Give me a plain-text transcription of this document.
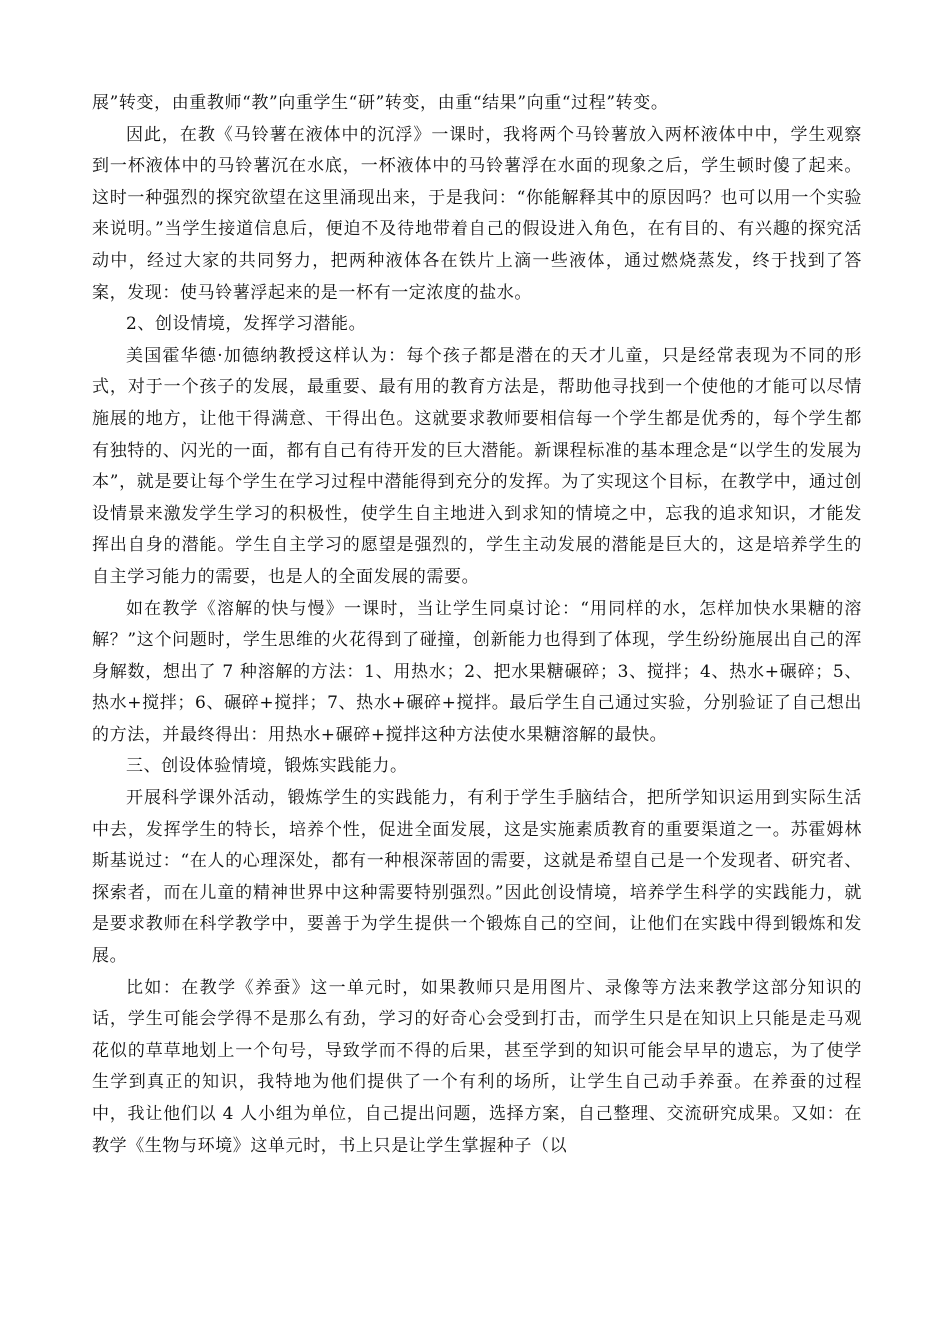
展”转变，由重教师“教”向重学生“研”转变，由重“结果”向重“过程”转变。

因此，在教《马铃薯在液体中的沉浮》一课时，我将两个马铃薯放入两杯液体中中，学生观察到一杯液体中的马铃薯沉在水底，一杯液体中的马铃薯浮在水面的现象之后，学生顿时傻了起来。这时一种强烈的探究欲望在这里涌现出来，于是我问：“你能解释其中的原因吗？也可以用一个实验来说明。”当学生接道信息后，便迫不及待地带着自己的假设进入角色，在有目的、有兴趣的探究活动中，经过大家的共同努力，把两种液体各在铁片上滴一些液体，通过燃烧蒸发，终于找到了答案，发现：使马铃薯浮起来的是一杯有一定浓度的盐水。

2、创设情境，发挥学习潜能。

美国霍华德·加德纳教授这样认为：每个孩子都是潜在的天才儿童，只是经常表现为不同的形式，对于一个孩子的发展，最重要、最有用的教育方法是，帮助他寻找到一个使他的才能可以尽情施展的地方，让他干得满意、干得出色。这就要求教师要相信每一个学生都是优秀的，每个学生都有独特的、闪光的一面，都有自己有待开发的巨大潜能。新课程标准的基本理念是“以学生的发展为本”，就是要让每个学生在学习过程中潜能得到充分的发挥。为了实现这个目标，在教学中，通过创设情景来激发学生学习的积极性，使学生自主地进入到求知的情境之中，忘我的追求知识，才能发挥出自身的潜能。学生自主学习的愿望是强烈的，学生主动发展的潜能是巨大的，这是培养学生的自主学习能力的需要，也是人的全面发展的需要。

如在教学《溶解的快与慢》一课时，当让学生同桌讨论：“用同样的水，怎样加快水果糖的溶解？”这个问题时，学生思维的火花得到了碰撞，创新能力也得到了体现，学生纷纷施展出自己的浑身解数，想出了 7 种溶解的方法：1、用热水；2、把水果糖碾碎；3、搅拌；4、热水+碾碎；5、热水+搅拌；6、碾碎+搅拌；7、热水+碾碎+搅拌。最后学生自己通过实验，分别验证了自己想出的方法，并最终得出：用热水+碾碎+搅拌这种方法使水果糖溶解的最快。

三、创设体验情境，锻炼实践能力。

开展科学课外活动，锻炼学生的实践能力，有利于学生手脑结合，把所学知识运用到实际生活中去，发挥学生的特长，培养个性，促进全面发展，这是实施素质教育的重要渠道之一。苏霍姆林斯基说过：“在人的心理深处，都有一种根深蒂固的需要，这就是希望自己是一个发现者、研究者、探索者，而在儿童的精神世界中这种需要特别强烈。”因此创设情境，培养学生科学的实践能力，就是要求教师在科学教学中，要善于为学生提供一个锻炼自己的空间，让他们在实践中得到锻炼和发展。

比如：在教学《养蚕》这一单元时，如果教师只是用图片、录像等方法来教学这部分知识的话，学生可能会学得不是那么有劲，学习的好奇心会受到打击，而学生只是在知识上只能是走马观花似的草草地划上一个句号，导致学而不得的后果，甚至学到的知识可能会早早的遗忘，为了使学生学到真正的知识，我特地为他们提供了一个有利的场所，让学生自己动手养蚕。在养蚕的过程中，我让他们以 4 人小组为单位，自己提出问题，选择方案，自己整理、交流研究成果。又如：在教学《生物与环境》这单元时，书上只是让学生掌握种子（以
